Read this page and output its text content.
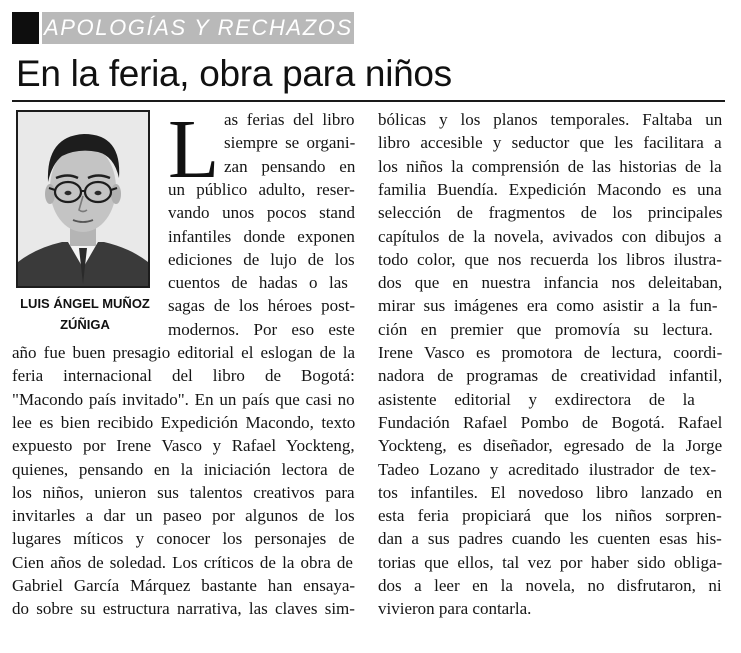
APOLOGÍAS Y RECHAZOS
En la feria, obra para niños
LUIS ÁNGEL MUÑOZ
ZÚÑIGA
L as ferias del libro
siempre se organi-
zan pensando en
un público adulto, reser-
vando unos pocos stand
infantiles donde exponen
ediciones de lujo de los
cuentos de hadas o las
sagas de los héroes post-
modernos. Por eso este
año fue buen presagio editorial el eslogan de la
feria internacional del libro de Bogotá:
"Macondo país invitado". En un país que casi no
lee es bien recibido Expedición Macondo, texto
expuesto por Irene Vasco y Rafael Yockteng,
quienes, pensando en la iniciación lectora de
los niños, unieron sus talentos creativos para
invitarles a dar un paseo por algunos de los
lugares míticos y conocer los personajes de
Cien años de soledad. Los críticos de la obra de
Gabriel García Márquez bastante han ensaya-
do sobre su estructura narrativa, las claves sim-
bólicas y los planos temporales. Faltaba un
libro accesible y seductor que les facilitara a
los niños la comprensión de las historias de la
familia Buendía. Expedición Macondo es una
selección de fragmentos de los principales
capítulos de la novela, avivados con dibujos a
todo color, que nos recuerda los libros ilustra-
dos que en nuestra infancia nos deleitaban,
mirar sus imágenes era como asistir a la fun-
ción en premier que promovía su lectura.
Irene Vasco es promotora de lectura, coordi-
nadora de programas de creatividad infantil,
asistente editorial y exdirectora de la
Fundación Rafael Pombo de Bogotá. Rafael
Yockteng, es diseñador, egresado de la Jorge
Tadeo Lozano y acreditado ilustrador de tex-
tos infantiles. El novedoso libro lanzado en
esta feria propiciará que los niños sorpren-
dan a sus padres cuando les cuenten esas his-
torias que ellos, tal vez por haber sido obliga-
dos a leer en la novela, no disfrutaron, ni
vivieron para contarla.
